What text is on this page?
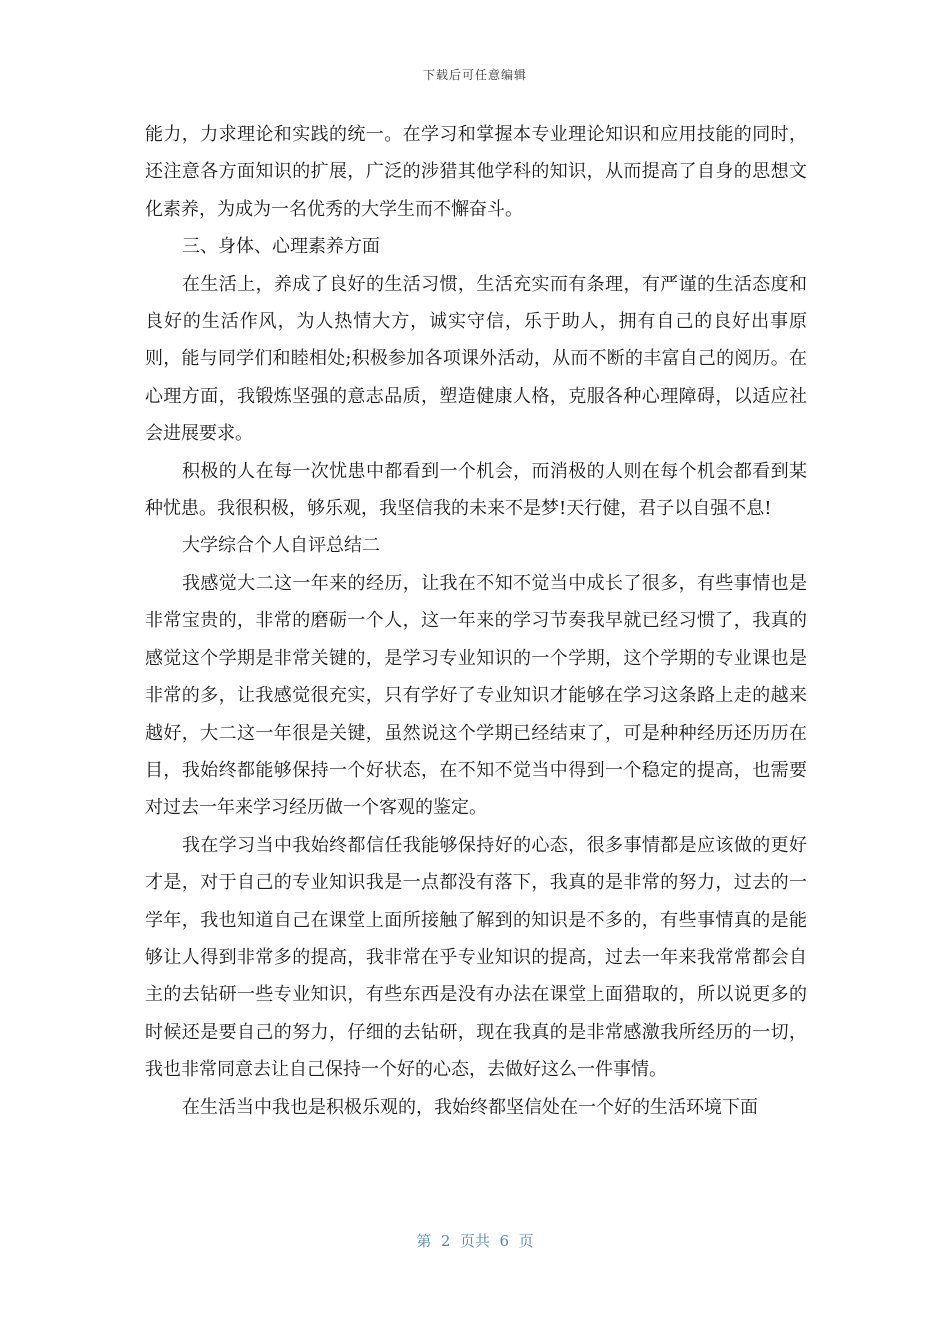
下载后可任意编辑

能力，力求理论和实践的统一。在学习和掌握本专业理论知识和应用技能的同时，还注意各方面知识的扩展，广泛的涉猎其他学科的知识，从而提高了自身的思想文化素养，为成为一名优秀的大学生而不懈奋斗。

三、身体、心理素养方面

在生活上，养成了良好的生活习惯，生活充实而有条理，有严谨的生活态度和良好的生活作风，为人热情大方，诚实守信，乐于助人，拥有自己的良好出事原则，能与同学们和睦相处;积极参加各项课外活动，从而不断的丰富自己的阅历。在心理方面，我锻炼坚强的意志品质，塑造健康人格，克服各种心理障碍，以适应社会进展要求。

积极的人在每一次忧患中都看到一个机会，而消极的人则在每个机会都看到某种忧患。我很积极，够乐观，我坚信我的未来不是梦!天行健，君子以自强不息!

大学综合个人自评总结二

我感觉大二这一年来的经历，让我在不知不觉当中成长了很多，有些事情也是非常宝贵的，非常的磨砺一个人，这一年来的学习节奏我早就已经习惯了，我真的感觉这个学期是非常关键的，是学习专业知识的一个学期，这个学期的专业课也是非常的多，让我感觉很充实，只有学好了专业知识才能够在学习这条路上走的越来越好，大二这一年很是关键，虽然说这个学期已经结束了，可是种种经历还历历在目，我始终都能够保持一个好状态，在不知不觉当中得到一个稳定的提高，也需要对过去一年来学习经历做一个客观的鉴定。

我在学习当中我始终都信任我能够保持好的心态，很多事情都是应该做的更好才是，对于自己的专业知识我是一点都没有落下，我真的是非常的努力，过去的一学年，我也知道自己在课堂上面所接触了解到的知识是不多的，有些事情真的是能够让人得到非常多的提高，我非常在乎专业知识的提高，过去一年来我常常都会自主的去钻研一些专业知识，有些东西是没有办法在课堂上面猎取的，所以说更多的时候还是要自己的努力，仔细的去钻研，现在我真的是非常感激我所经历的一切，我也非常同意去让自己保持一个好的心态，去做好这么一件事情。

在生活当中我也是积极乐观的，我始终都坚信处在一个好的生活环境下面

第  2  页共  6  页
